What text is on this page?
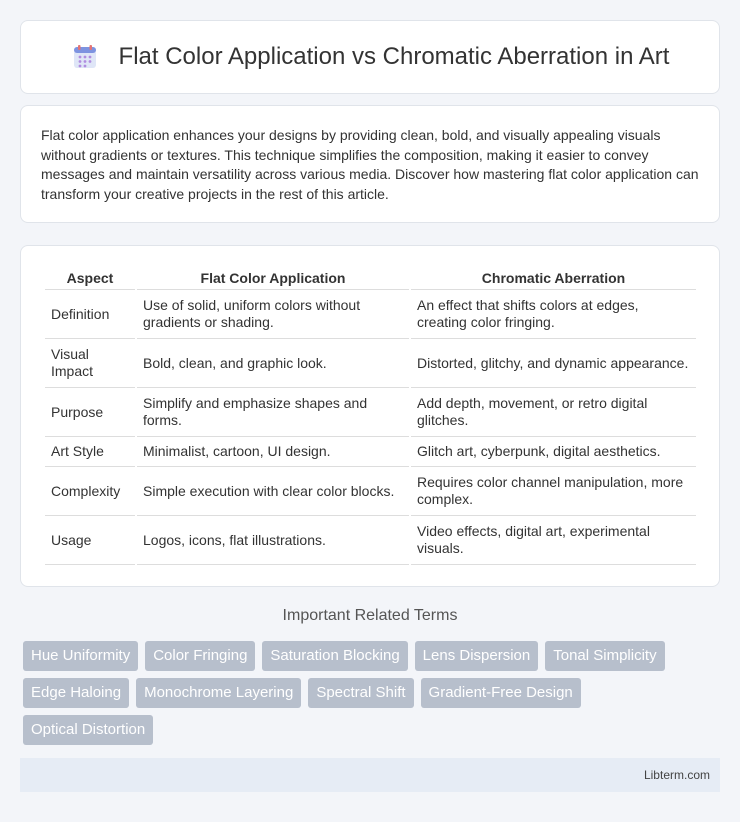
Flat Color Application vs Chromatic Aberration in Art

Flat color application enhances your designs by providing clean, bold, and visually appealing visuals without gradients or textures. This technique simplifies the composition, making it easier to convey messages and maintain versatility across various media. Discover how mastering flat color application can transform your creative projects in the rest of this article.

Aspect	Flat Color Application	Chromatic Aberration
Definition	Use of solid, uniform colors without gradients or shading.	An effect that shifts colors at edges, creating color fringing.
Visual Impact	Bold, clean, and graphic look.	Distorted, glitchy, and dynamic appearance.
Purpose	Simplify and emphasize shapes and forms.	Add depth, movement, or retro digital glitches.
Art Style	Minimalist, cartoon, UI design.	Glitch art, cyberpunk, digital aesthetics.
Complexity	Simple execution with clear color blocks.	Requires color channel manipulation, more complex.
Usage	Logos, icons, flat illustrations.	Video effects, digital art, experimental visuals.
Important Related Terms
Hue Uniformity	Color Fringing	Saturation Blocking	Lens Dispersion	Tonal Simplicity
Edge Haloing	Monochrome Layering	Spectral Shift	Gradient-Free Design
Optical Distortion
Libterm.com
